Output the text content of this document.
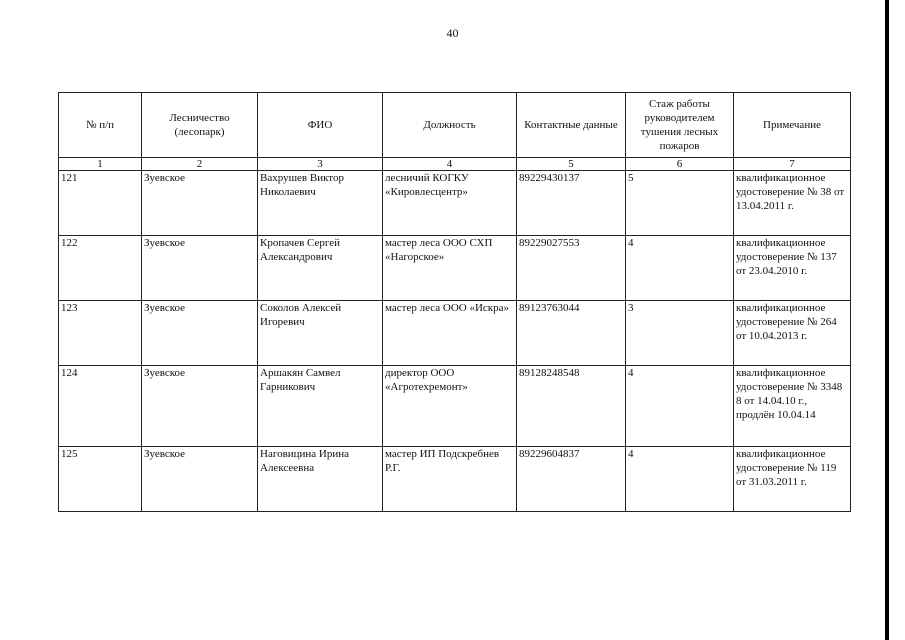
40
№ п/п	Лесничество (лесопарк)	ФИО	Должность	Контактные данные	Стаж работы руководителем тушения лесных пожаров	Примечание
1	2	3	4	5	6	7
121	Зуевское	Вахрушев Виктор Николаевич	лесничий КОГКУ «Кировлесцентр»	89229430137	5	квалификационное удостоверение № 38 от 13.04.2011 г.
122	Зуевское	Кропачев Сергей Александрович	мастер леса ООО СХП «Нагорское»	89229027553	4	квалификационное удостоверение № 137 от 23.04.2010 г.
123	Зуевское	Соколов Алексей Игоревич	мастер леса ООО «Искра»	89123763044	3	квалификационное удостоверение № 264 от 10.04.2013 г.
124	Зуевское	Аршакян Самвел Гарникович	директор ООО «Агротехремонт»	89128248548	4	квалификационное удостоверение № 3348 8 от 14.04.10 г., продлён 10.04.14
125	Зуевское	Наговицина Ирина Алексеевна	мастер ИП Подскребнев Р.Г.	89229604837	4	квалификационное удостоверение № 119 от 31.03.2011 г.
